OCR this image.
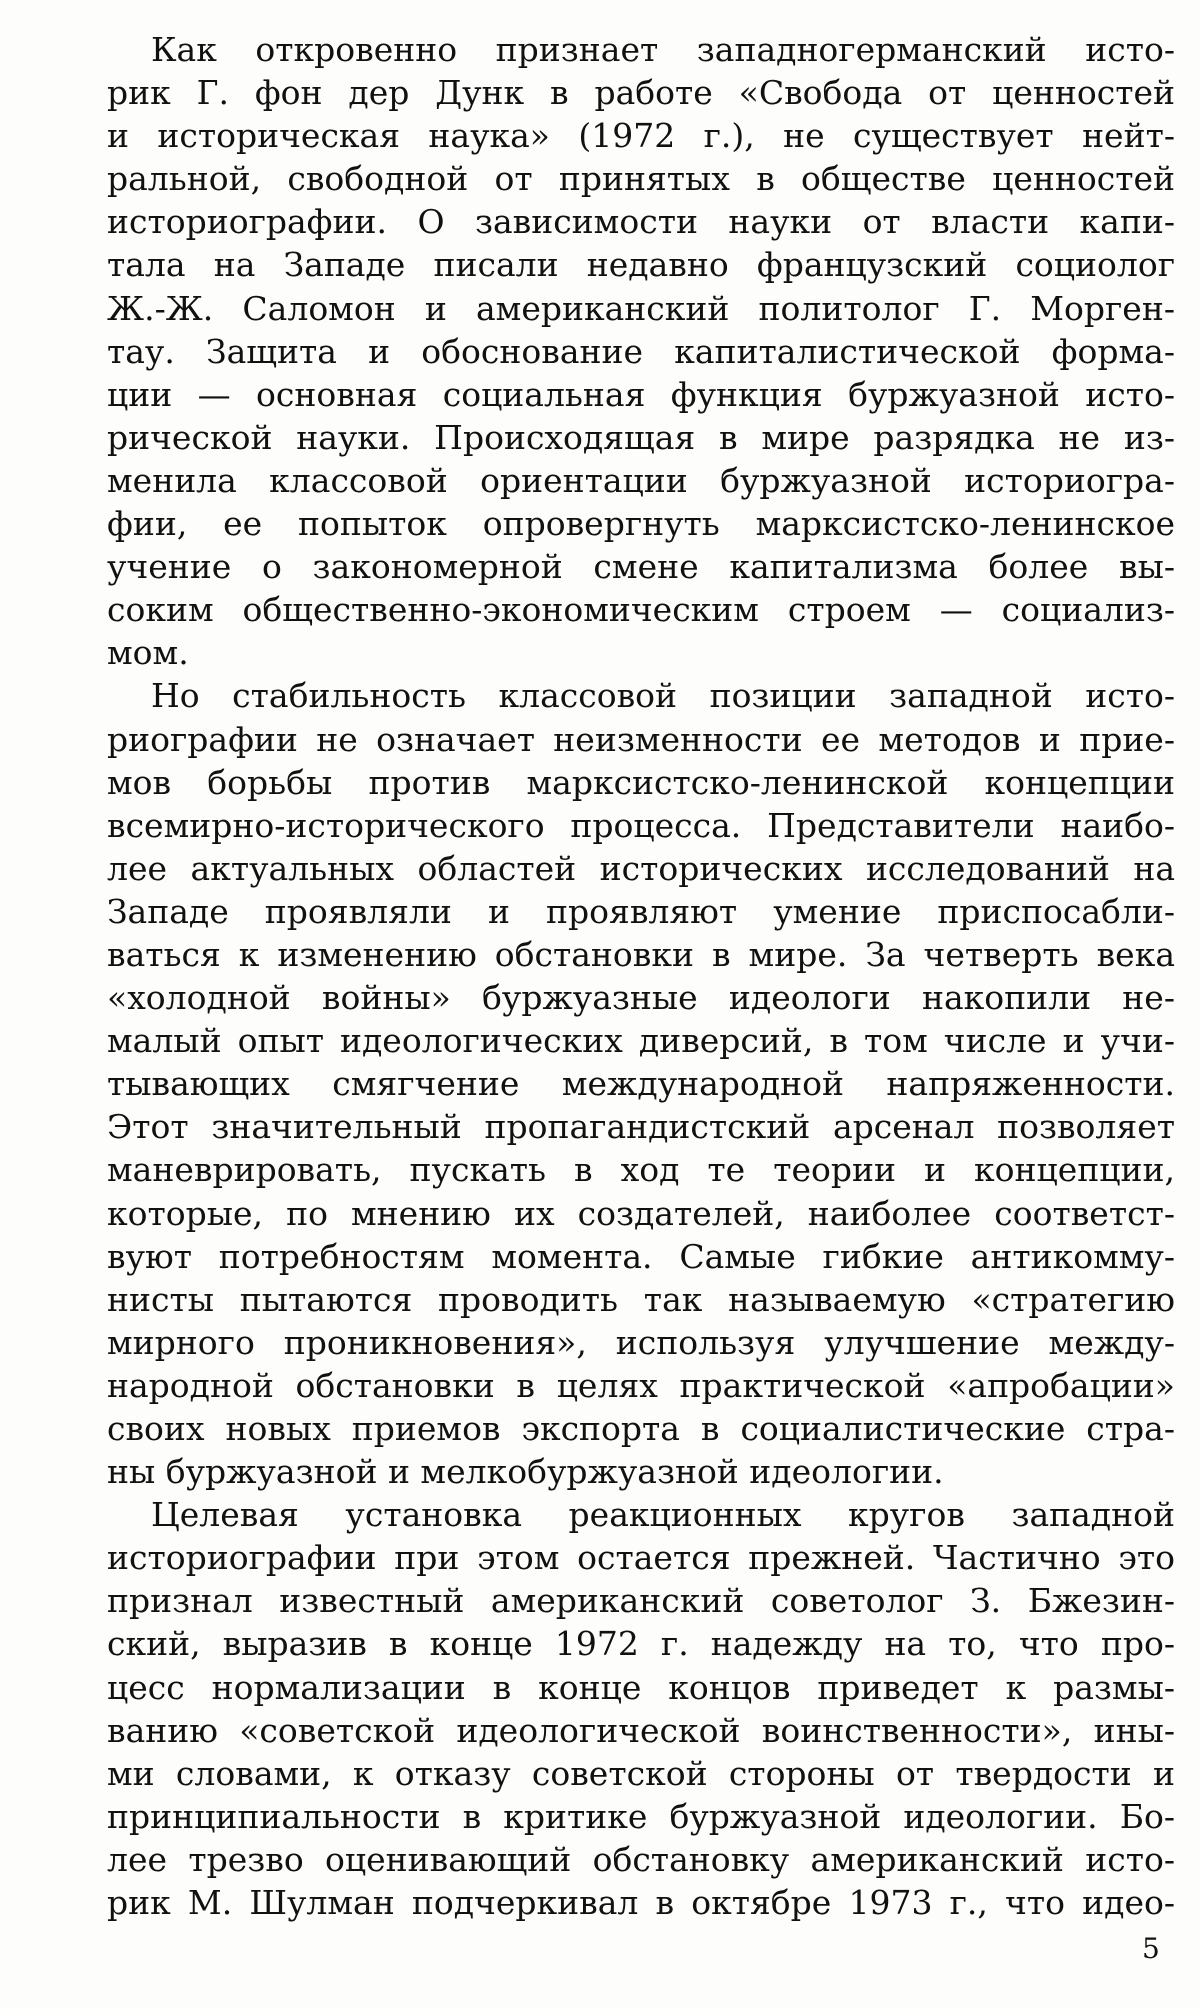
Как откровенно признает западногерманский исто-
рик Г. фон дер Дунк в работе «Свобода от ценностей
и историческая наука» (1972 г.), не существует нейт-
ральной, свободной от принятых в обществе ценностей
историографии. О зависимости науки от власти капи-
тала на Западе писали недавно французский социолог
Ж.-Ж. Саломон и американский политолог Г. Морген-
тау. Защита и обоснование капиталистической форма-
ции — основная социальная функция буржуазной исто-
рической науки. Происходящая в мире разрядка не из-
менила классовой ориентации буржуазной историогра-
фии, ее попыток опровергнуть марксистско-ленинское
учение о закономерной смене капитализма более вы-
соким общественно-экономическим строем — социализ-
мом.
Но стабильность классовой позиции западной исто-
риографии не означает неизменности ее методов и прие-
мов борьбы против марксистско-ленинской концепции
всемирно-исторического процесса. Представители наибо-
лее актуальных областей исторических исследований на
Западе проявляли и проявляют умение приспосабли-
ваться к изменению обстановки в мире. За четверть века
«холодной войны» буржуазные идеологи накопили не-
малый опыт идеологических диверсий, в том числе и учи-
тывающих смягчение международной напряженности.
Этот значительный пропагандистский арсенал позволяет
маневрировать, пускать в ход те теории и концепции,
которые, по мнению их создателей, наиболее соответст-
вуют потребностям момента. Самые гибкие антикомму-
нисты пытаются проводить так называемую «стратегию
мирного проникновения», используя улучшение между-
народной обстановки в целях практической «апробации»
своих новых приемов экспорта в социалистические стра-
ны буржуазной и мелкобуржуазной идеологии.
Целевая установка реакционных кругов западной
историографии при этом остается прежней. Частично это
признал известный американский советолог З. Бжезин-
ский, выразив в конце 1972 г. надежду на то, что про-
цесс нормализации в конце концов приведет к размы-
ванию «советской идеологической воинственности», ины-
ми словами, к отказу советской стороны от твердости и
принципиальности в критике буржуазной идеологии. Бо-
лее трезво оценивающий обстановку американский исто-
рик М. Шулман подчеркивал в октябре 1973 г., что идео-
5
